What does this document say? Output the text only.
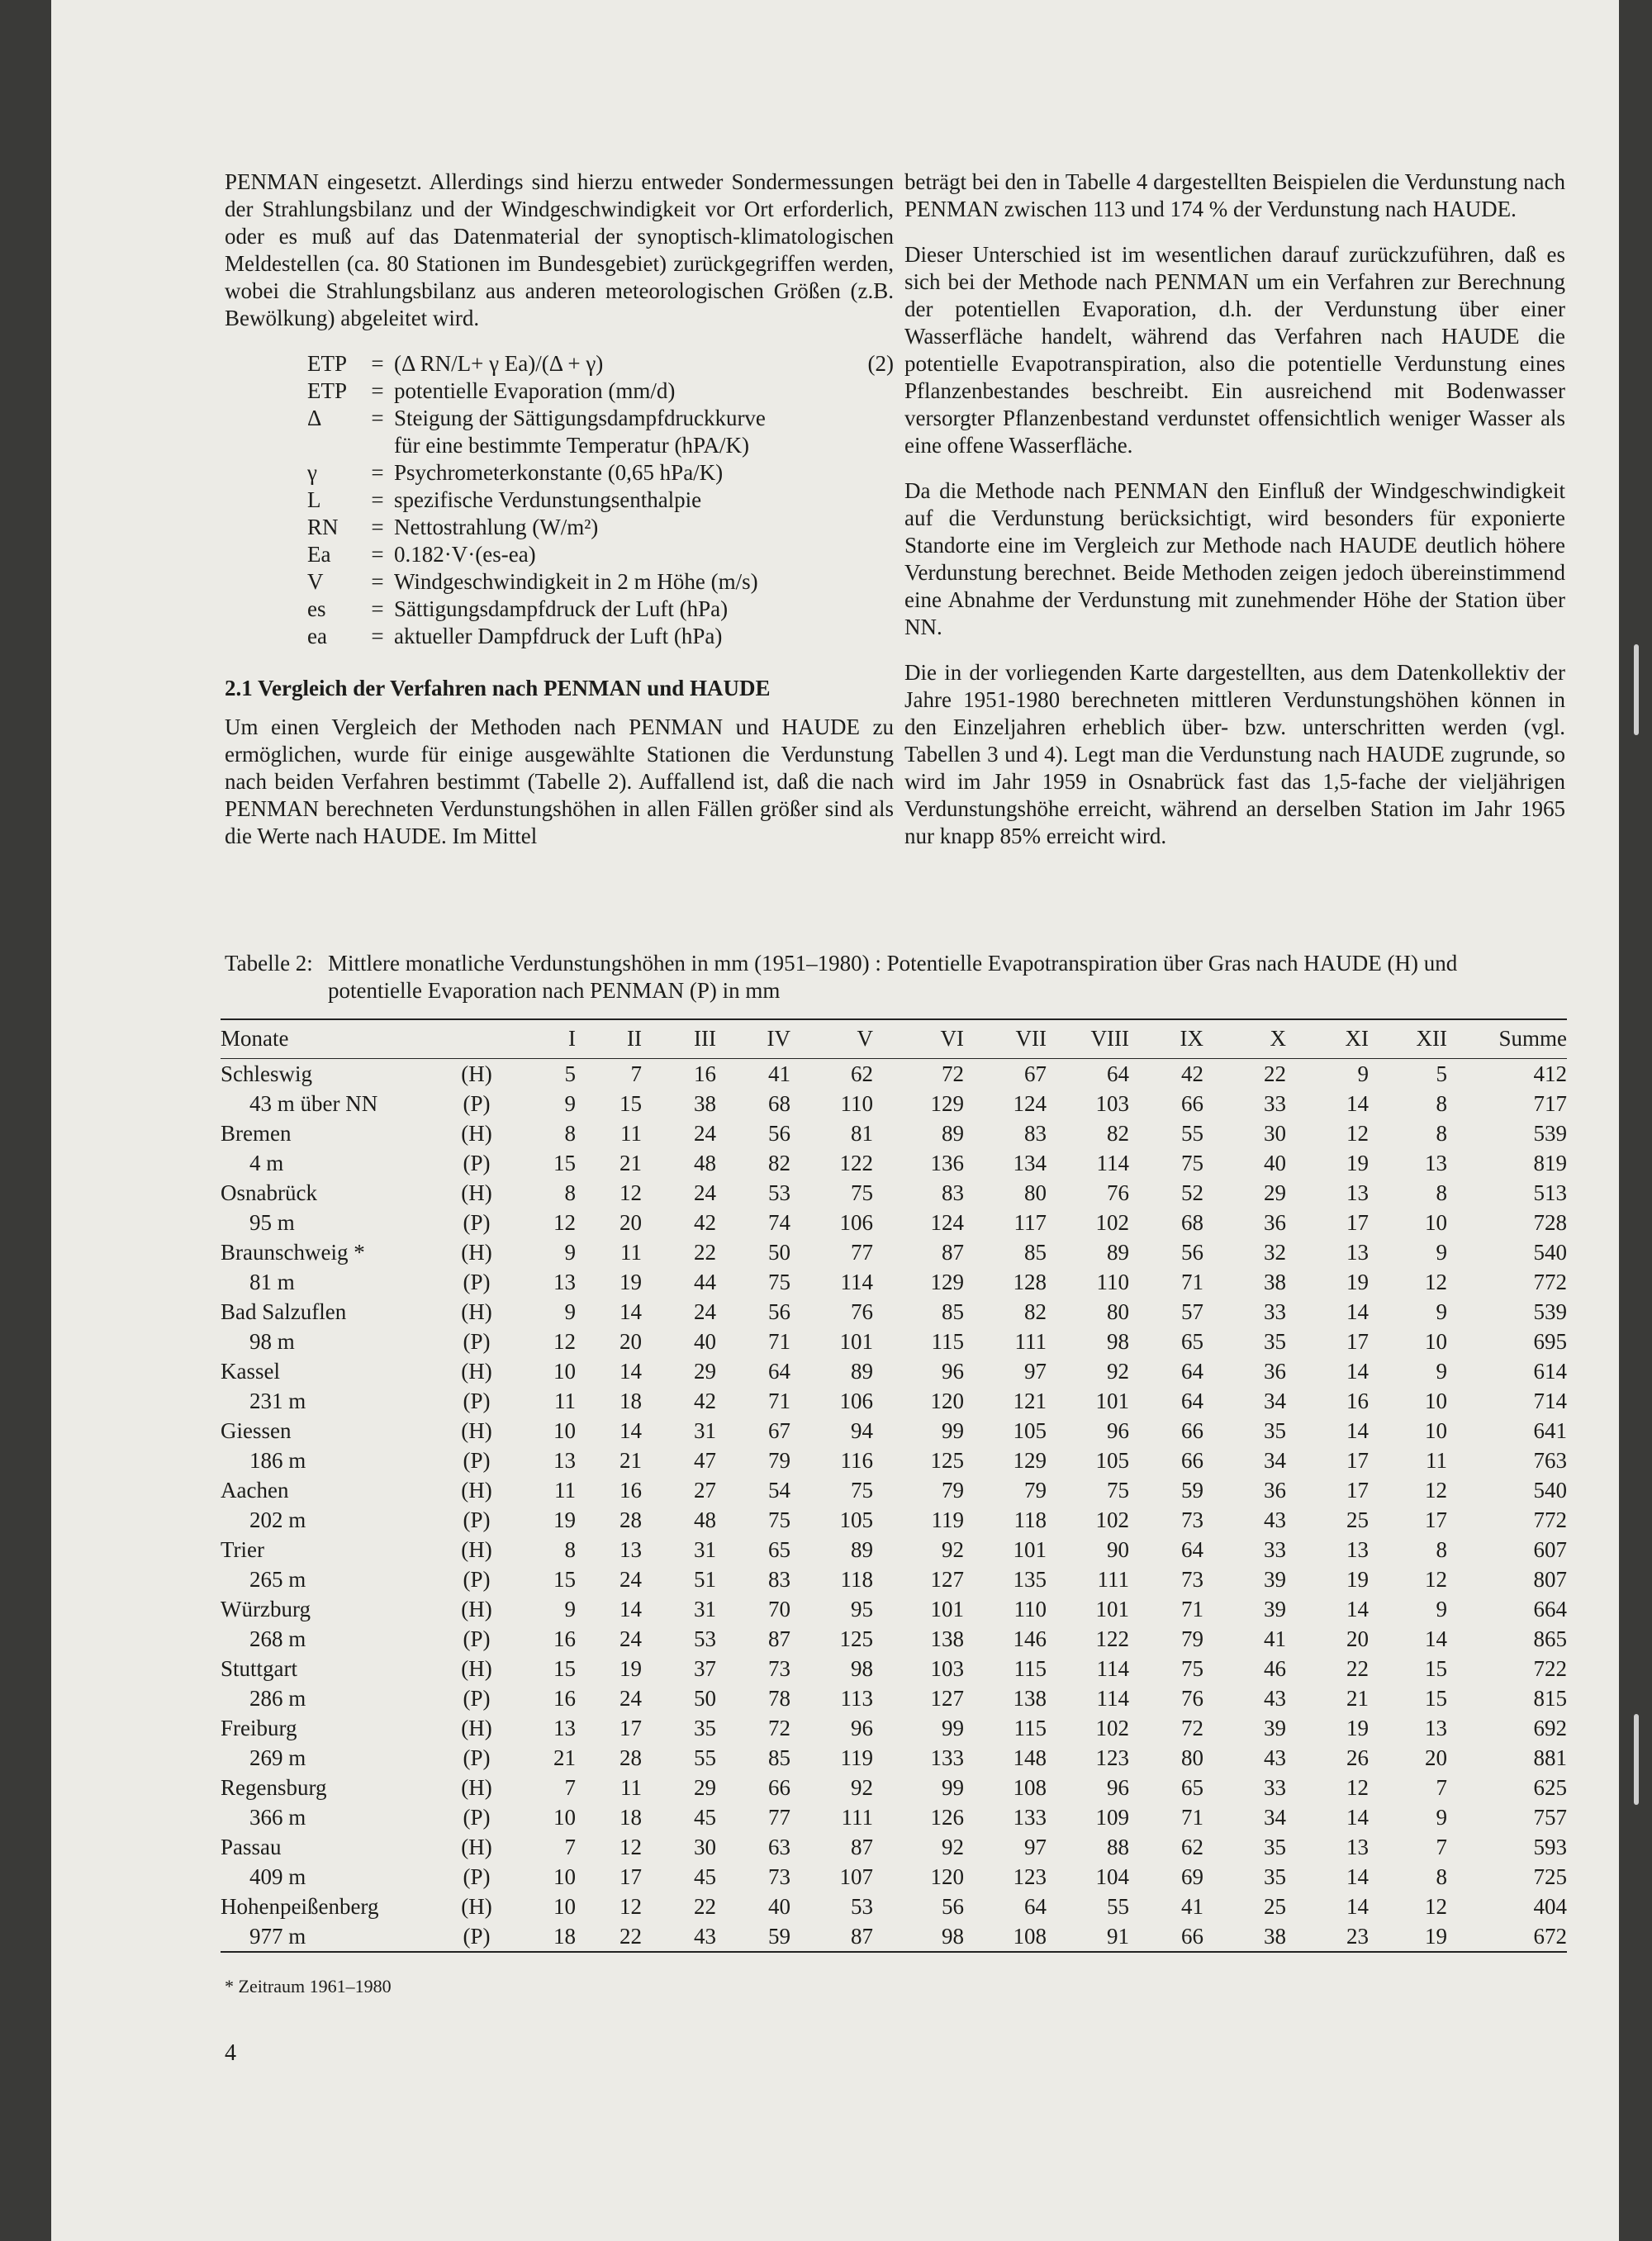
PENMAN eingesetzt. Allerdings sind hierzu entweder Sondermessungen der Strahlungsbilanz und der Windgeschwindigkeit vor Ort erforderlich, oder es muß auf das Datenmaterial der synoptisch-klimatologischen Meldestellen (ca. 80 Stationen im Bundesgebiet) zurückgegriffen werden, wobei die Strahlungsbilanz aus anderen meteorologischen Größen (z.B. Bewölkung) abgeleitet wird.

ETP	= (Δ RN/L+ γ Ea)/(Δ + γ)	(2)
ETP	= potentielle Evaporation (mm/d)
Δ	= Steigung der Sättigungsdampfdruckkurve
für eine bestimmte Temperatur (hPA/K)
γ	= Psychrometerkonstante (0,65 hPa/K)
L	= spezifische Verdunstungsenthalpie
RN	= Nettostrahlung (W/m²)
Ea	= 0.182·V·(es-ea)
V	= Windgeschwindigkeit in 2 m Höhe (m/s)
es	= Sättigungsdampfdruck der Luft (hPa)
ea	= aktueller Dampfdruck der Luft (hPa)
2.1 Vergleich der Verfahren nach PENMAN und HAUDE

Um einen Vergleich der Methoden nach PENMAN und HAUDE zu ermöglichen, wurde für einige ausgewählte Stationen die Verdunstung nach beiden Verfahren bestimmt (Tabelle 2). Auffallend ist, daß die nach PENMAN berechneten Verdunstungshöhen in allen Fällen größer sind als die Werte nach HAUDE. Im Mittel

beträgt bei den in Tabelle 4 dargestellten Beispielen die Verdunstung nach PENMAN zwischen 113 und 174 % der Verdunstung nach HAUDE.

Dieser Unterschied ist im wesentlichen darauf zurückzuführen, daß es sich bei der Methode nach PENMAN um ein Verfahren zur Berechnung der potentiellen Evaporation, d.h. der Verdunstung über einer Wasserfläche handelt, während das Verfahren nach HAUDE die potentielle Evapotranspiration, also die potentielle Verdunstung eines Pflanzenbestandes beschreibt. Ein ausreichend mit Bodenwasser versorgter Pflanzenbestand verdunstet offensichtlich weniger Wasser als eine offene Wasserfläche.

Da die Methode nach PENMAN den Einfluß der Windgeschwindigkeit auf die Verdunstung berücksichtigt, wird besonders für exponierte Standorte eine im Vergleich zur Methode nach HAUDE deutlich höhere Verdunstung berechnet. Beide Methoden zeigen jedoch übereinstimmend eine Abnahme der Verdunstung mit zunehmender Höhe der Station über NN.

Die in der vorliegenden Karte dargestellten, aus dem Datenkollektiv der Jahre 1951-1980 berechneten mittleren Verdunstungshöhen können in den Einzeljahren erheblich über- bzw. unterschritten werden (vgl. Tabellen 3 und 4). Legt man die Verdunstung nach HAUDE zugrunde, so wird im Jahr 1959 in Osnabrück fast das 1,5-fache der vieljährigen Verdunstungshöhe erreicht, während an derselben Station im Jahr 1965 nur knapp 85% erreicht wird.

Tabelle 2: Mittlere monatliche Verdunstungshöhen in mm (1951–1980) : Potentielle Evapotranspiration über Gras nach HAUDE (H) und
potentielle Evaporation nach PENMAN (P) in mm
Monate		I	II	III	IV	V	VI	VII	VIII	IX	X	XI	XII	Summe
Schleswig	(H)	5	7	16	41	62	72	67	64	42	22	9	5	412
43 m über NN	(P)	9	15	38	68	110	129	124	103	66	33	14	8	717
Bremen	(H)	8	11	24	56	81	89	83	82	55	30	12	8	539
4 m	(P)	15	21	48	82	122	136	134	114	75	40	19	13	819
Osnabrück	(H)	8	12	24	53	75	83	80	76	52	29	13	8	513
95 m	(P)	12	20	42	74	106	124	117	102	68	36	17	10	728
Braunschweig *	(H)	9	11	22	50	77	87	85	89	56	32	13	9	540
81 m	(P)	13	19	44	75	114	129	128	110	71	38	19	12	772
Bad Salzuflen	(H)	9	14	24	56	76	85	82	80	57	33	14	9	539
98 m	(P)	12	20	40	71	101	115	111	98	65	35	17	10	695
Kassel	(H)	10	14	29	64	89	96	97	92	64	36	14	9	614
231 m	(P)	11	18	42	71	106	120	121	101	64	34	16	10	714
Giessen	(H)	10	14	31	67	94	99	105	96	66	35	14	10	641
186 m	(P)	13	21	47	79	116	125	129	105	66	34	17	11	763
Aachen	(H)	11	16	27	54	75	79	79	75	59	36	17	12	540
202 m	(P)	19	28	48	75	105	119	118	102	73	43	25	17	772
Trier	(H)	8	13	31	65	89	92	101	90	64	33	13	8	607
265 m	(P)	15	24	51	83	118	127	135	111	73	39	19	12	807
Würzburg	(H)	9	14	31	70	95	101	110	101	71	39	14	9	664
268 m	(P)	16	24	53	87	125	138	146	122	79	41	20	14	865
Stuttgart	(H)	15	19	37	73	98	103	115	114	75	46	22	15	722
286 m	(P)	16	24	50	78	113	127	138	114	76	43	21	15	815
Freiburg	(H)	13	17	35	72	96	99	115	102	72	39	19	13	692
269 m	(P)	21	28	55	85	119	133	148	123	80	43	26	20	881
Regensburg	(H)	7	11	29	66	92	99	108	96	65	33	12	7	625
366 m	(P)	10	18	45	77	111	126	133	109	71	34	14	9	757
Passau	(H)	7	12	30	63	87	92	97	88	62	35	13	7	593
409 m	(P)	10	17	45	73	107	120	123	104	69	35	14	8	725
Hohenpeißenberg	(H)	10	12	22	40	53	56	64	55	41	25	14	12	404
977 m	(P)	18	22	43	59	87	98	108	91	66	38	23	19	672
* Zeitraum 1961–1980
4
